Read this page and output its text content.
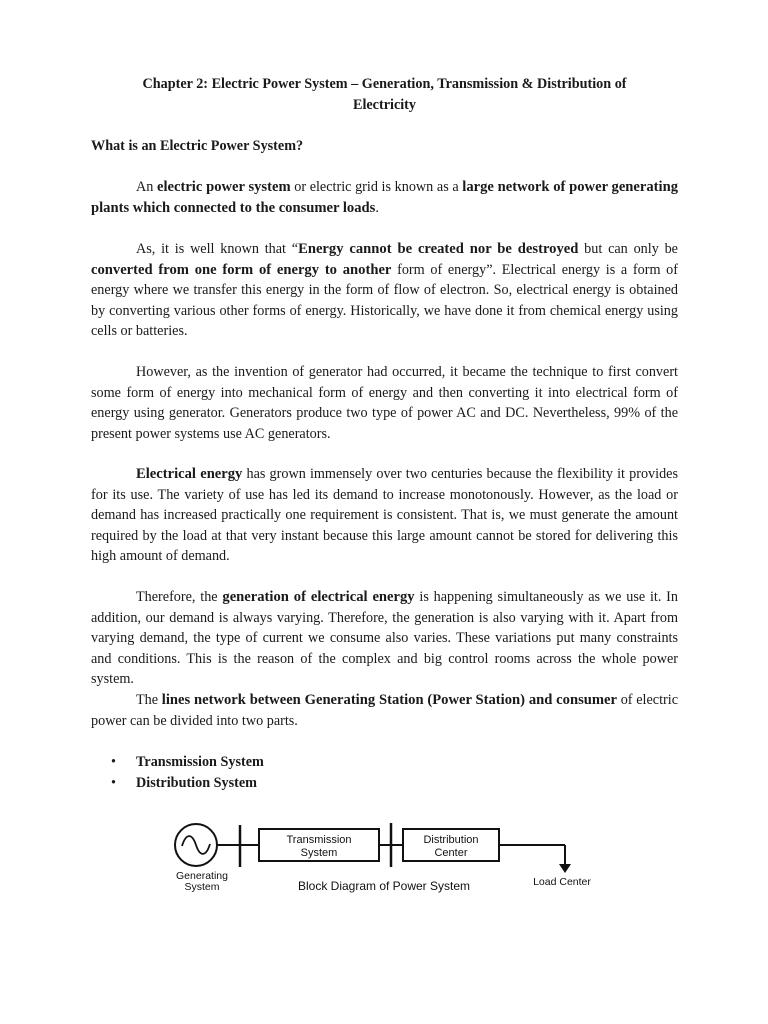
Chapter 2: Electric Power System – Generation, Transmission & Distribution of
Electricity
What is an Electric Power System?

An electric power system or electric grid is known as a large network of power generating plants which connected to the consumer loads.

As, it is well known that “Energy cannot be created nor be destroyed but can only be converted from one form of energy to another form of energy”. Electrical energy is a form of energy where we transfer this energy in the form of flow of electron. So, electrical energy is obtained by converting various other forms of energy. Historically, we have done it from chemical energy using cells or batteries.

However, as the invention of generator had occurred, it became the technique to first convert some form of energy into mechanical form of energy and then converting it into electrical form of energy using generator. Generators produce two type of power AC and DC. Nevertheless, 99% of the present power systems use AC generators.

Electrical energy has grown immensely over two centuries because the flexibility it provides for its use. The variety of use has led its demand to increase monotonously. However, as the load or demand has increased practically one requirement is consistent. That is, we must generate the amount required by the load at that very instant because this large amount cannot be stored for delivering this high amount of demand.

Therefore, the generation of electrical energy is happening simultaneously as we use it. In addition, our demand is always varying. Therefore, the generation is also varying with it. Apart from varying demand, the type of current we consume also varies. These variations put many constraints and conditions. This is the reason of the complex and big control rooms across the whole power system.

The lines network between Generating Station (Power Station) and consumer of electric power can be divided into two parts.

• Transmission System
• Distribution System
Transmission
System
Distribution
Center
Generating
System	Block Diagram of Power System	Load Center
